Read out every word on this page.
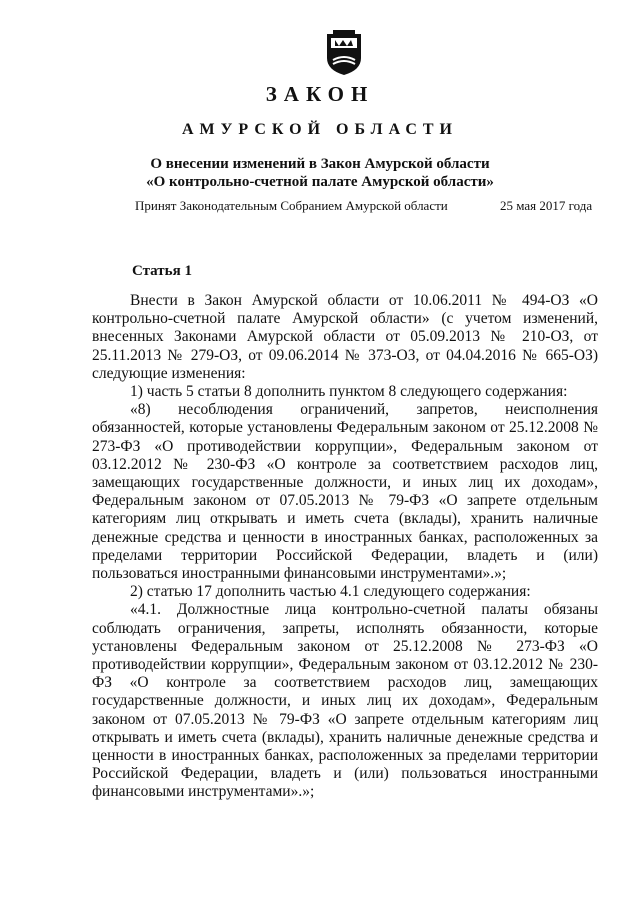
ЗАКОН
АМУРСКОЙ ОБЛАСТИ
О внесении изменений в Закон Амурской области
«О контрольно-счетной палате Амурской области»
Принят Законодательным Собранием Амурской области	25 мая 2017 года
Статья 1

Внести в Закон Амурской области от 10.06.2011 № 494-ОЗ «О контрольно-счетной палате Амурской области» (с учетом изменений, внесенных Законами Амурской области от 05.09.2013 № 210-ОЗ, от 25.11.2013 № 279-ОЗ, от 09.06.2014 № 373-ОЗ, от 04.04.2016 № 665-ОЗ) следующие изменения:

1) часть 5 статьи 8 дополнить пунктом 8 следующего содержания:

«8) несоблюдения ограничений, запретов, неисполнения обязанностей, которые установлены Федеральным законом от 25.12.2008 № 273-ФЗ «О противодействии коррупции», Федеральным законом от 03.12.2012 № 230-ФЗ «О контроле за соответствием расходов лиц, замещающих государственные должности, и иных лиц их доходам», Федеральным законом от 07.05.2013 № 79-ФЗ «О запрете отдельным категориям лиц открывать и иметь счета (вклады), хранить наличные денежные средства и ценности в иностранных банках, расположенных за пределами территории Российской Федерации, владеть и (или) пользоваться иностранными финансовыми инструментами».»;

2) статью 17 дополнить частью 4.1 следующего содержания:

«4.1. Должностные лица контрольно-счетной палаты обязаны соблюдать ограничения, запреты, исполнять обязанности, которые установлены Федеральным законом от 25.12.2008 № 273-ФЗ «О противодействии коррупции», Федеральным законом от 03.12.2012 № 230-ФЗ «О контроле за соответствием расходов лиц, замещающих государственные должности, и иных лиц их доходам», Федеральным законом от 07.05.2013 № 79-ФЗ «О запрете отдельным категориям лиц открывать и иметь счета (вклады), хранить наличные денежные средства и ценности в иностранных банках, расположенных за пределами территории Российской Федерации, владеть и (или) пользоваться иностранными финансовыми инструментами».»;
